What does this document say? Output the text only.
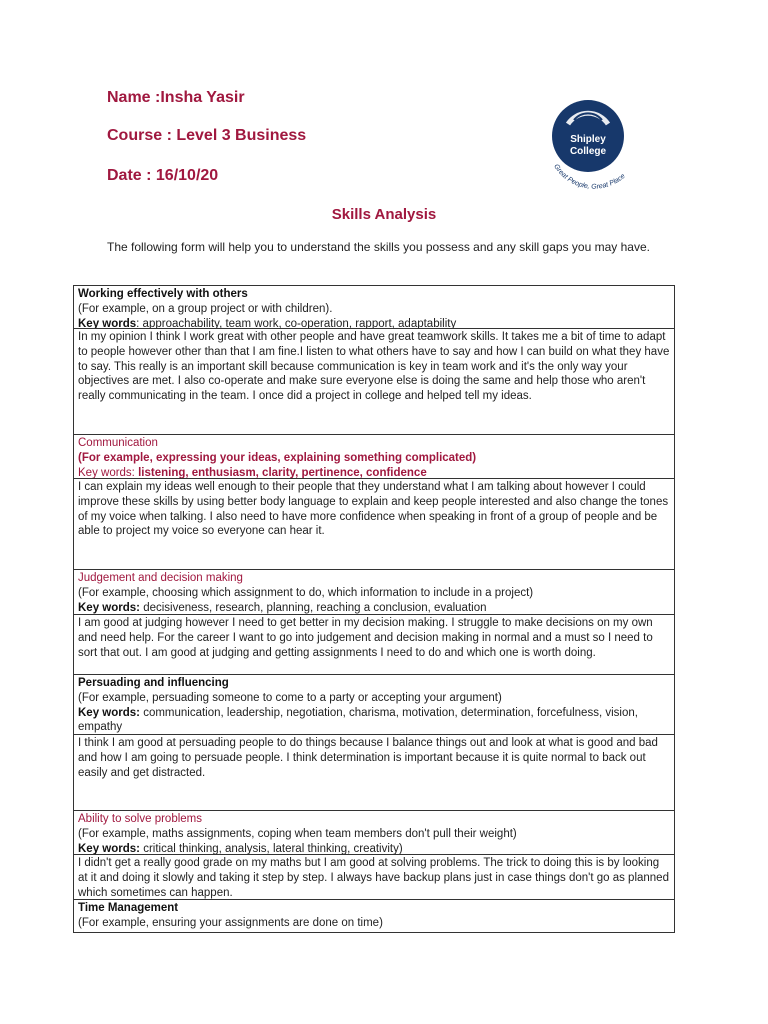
Name :Insha Yasir
Course : Level 3 Business
Date : 16/10/20
Shipley
College
Great People, Great Place
Skills Analysis
The following form will help you to understand the skills you possess and any skill gaps you may have.
Working effectively with others
(For example, on a group project or with children).
Key words: approachability, team work, co-operation, rapport, adaptability
In my opinion I think I work great with other people and have great teamwork skills. It takes me a bit of time to adapt to people however other than that I am fine.I listen to what others have to say and how I can build on what they have to say. This really is an important skill because communication is key in team work and it's the only way your objectives are met. I also co-operate and make sure everyone else is doing the same and help those who aren't really communicating in the team. I once did a project in college and helped tell my ideas.
Communication
(For example, expressing your ideas, explaining something complicated)
Key words: listening, enthusiasm, clarity, pertinence, confidence
I can explain my ideas well enough to their people that they understand what I am talking about however I could improve these skills by using better body language to explain and keep people interested and also change the tones of my voice when talking. I also need to have more confidence when speaking in front of a group of people and be able to project my voice so everyone can hear it.
Judgement and decision making
(For example, choosing which assignment to do, which information to include in a project)
Key words: decisiveness, research, planning, reaching a conclusion, evaluation
I am good at judging however I need to get better in my decision making. I struggle to make decisions on my own and need help. For the career I want to go into judgement and decision making in normal and a must so I need to sort that out. I am good at judging and getting assignments I need to do and which one is worth doing.
Persuading and influencing
(For example, persuading someone to come to a party or accepting your argument)
Key words: communication, leadership, negotiation, charisma, motivation, determination, forcefulness, vision, empathy
I think I am good at persuading people to do things because I balance things out and look at what is good and bad and how I am going to persuade people. I think determination is important because it is quite normal to back out easily and get distracted.
Ability to solve problems
(For example, maths assignments, coping when team members don't pull their weight)
Key words: critical thinking, analysis, lateral thinking, creativity)
I didn't get a really good grade on my maths but I am good at solving problems. The trick to doing this is by looking at it and doing it slowly and taking it step by step. I always have backup plans just in case things don't go as planned which sometimes can happen.
Time Management
(For example, ensuring your assignments are done on time)
